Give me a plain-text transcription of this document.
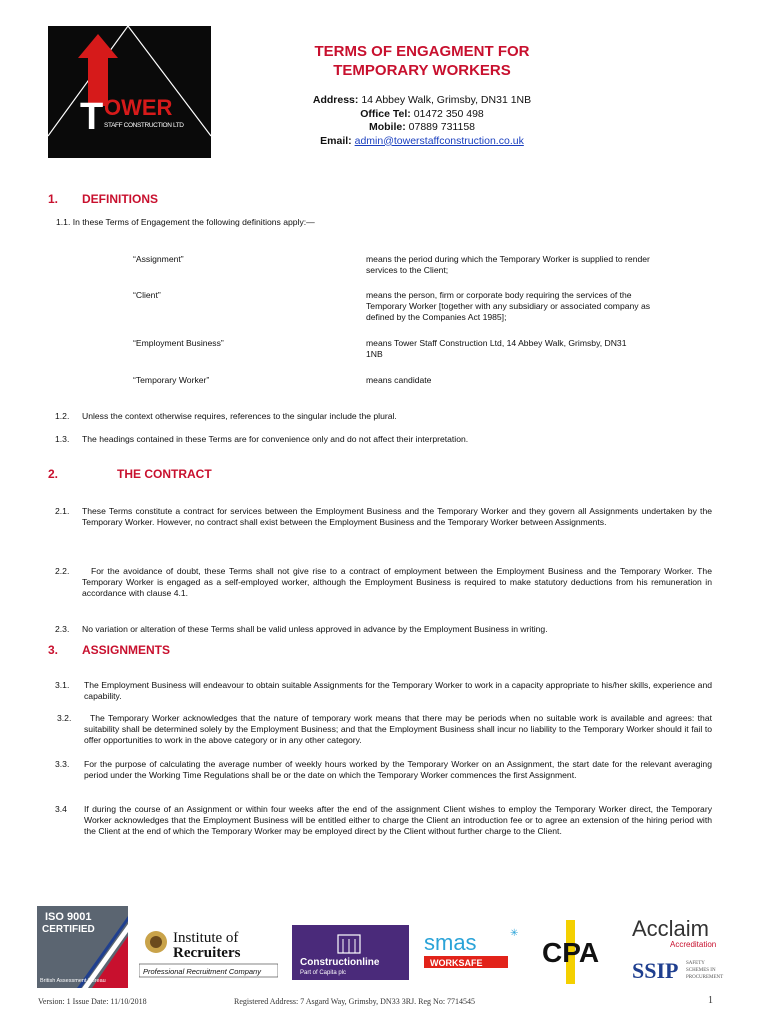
T OWER
STAFF CONSTRUCTION LTD
TERMS OF ENGAGMENT FOR
TEMPORARY WORKERS
Address: 14 Abbey Walk, Grimsby, DN31 1NB
Office Tel: 01472 350 498
Mobile: 07889 731158
Email: admin@towerstaffconstruction.co.uk
1. DEFINITIONS
1.1. In these Terms of Engagement the following definitions apply:—
“Assignment”	means the period during which the Temporary Worker is supplied to render
services to the Client;
“Client”	means the person, firm or corporate body requiring the services of the
Temporary Worker [together with any subsidiary or associated company as
defined by the Companies Act 1985];
“Employment Business”	means Tower Staff Construction Ltd, 14 Abbey Walk, Grimsby, DN31
1NB
“Temporary Worker”	means candidate
1.2. Unless the context otherwise requires, references to the singular include the plural.
1.3. The headings contained in these Terms are for convenience only and do not affect their interpretation.
2.	THE CONTRACT
2.1. These Terms constitute a contract for services between the Employment Business and the Temporary Worker and they govern all Assignments undertaken by the Temporary Worker. However, no contract shall exist between the Employment Business and the Temporary Worker between Assignments.
2.2.	For the avoidance of doubt, these Terms shall not give rise to a contract of employment between the Employment Business and the Temporary Worker. The Temporary Worker is engaged as a self-employed worker, although the Employment Business is required to make statutory deductions from his remuneration in accordance with clause 4.1.
2.3. No variation or alteration of these Terms shall be valid unless approved in advance by the Employment Business in writing.
3. ASSIGNMENTS
3.1. The Employment Business will endeavour to obtain suitable Assignments for the Temporary Worker to work in a capacity appropriate to his/her skills, experience and capability.
3.2.	The Temporary Worker acknowledges that the nature of temporary work means that there may be periods when no suitable work is available and agrees: that suitability shall be determined solely by the Employment Business; and that the Employment Business shall incur no liability to the Temporary Worker should it fail to offer opportunities to work in the above category or in any other category.
3.3. For the purpose of calculating the average number of weekly hours worked by the Temporary Worker on an Assignment, the start date for the relevant averaging period under the Working Time Regulations shall be or the date on which the Temporary Worker commences the first Assignment.
3.4 If during the course of an Assignment or within four weeks after the end of the assignment Client wishes to employ the Temporary Worker direct, the Temporary Worker acknowledges that the Employment Business will be entitled either to charge the Client an introduction fee or to agree an extension of the hiring period with the Client at the end of which the Temporary Worker may be employed direct by the Client without further charge to the Client.
ISO 9001
CERTIFIED
British Assessment Bureau
Institute of
Recruiters
Professional Recruitment Company
Constructionline
Part of Capita plc
smas	✳
WORKSAFE CPA
Acclaim
Accreditation
SSIP SAFETY
SCHEMES IN
PROCUREMENT
Version: 1 Issue Date: 11/10/2018	Registered Address: 7 Asgard Way, Grimsby, DN33 3RJ. Reg No: 7714545	1
